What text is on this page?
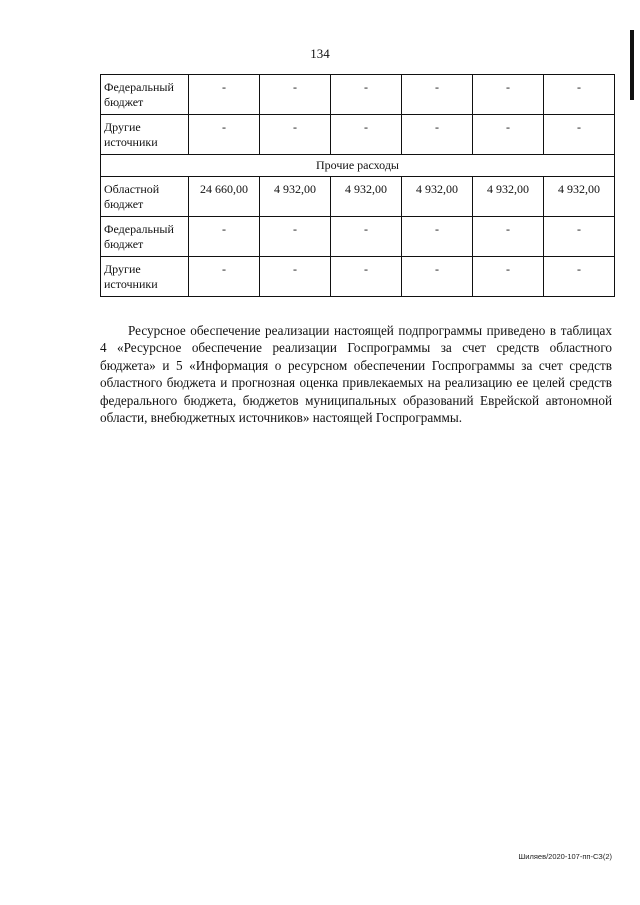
134
Федеральный бюджет	-	-	-	-	-	-
Другие источники	-	-	-	-	-	-
Прочие расходы						
Областной бюджет	24 660,00	4 932,00	4 932,00	4 932,00	4 932,00	4 932,00
Федеральный бюджет	-	-	-	-	-	-
Другие источники	-	-	-	-	-	-

Ресурсное обеспечение реализации настоящей подпрограммы приведено в таблицах 4 «Ресурсное обеспечение реализации Госпрограммы за счет средств областного бюджета» и 5 «Информация о ресурсном обеспечении Госпрограммы за счет средств областного бюджета и прогнозная оценка привлекаемых на реализацию ее целей средств федерального бюджета, бюджетов муниципальных образований Еврейской автономной области, внебюджетных источников» настоящей Госпрограммы.

Шиляев/2020-107-пп-СЗ(2)
